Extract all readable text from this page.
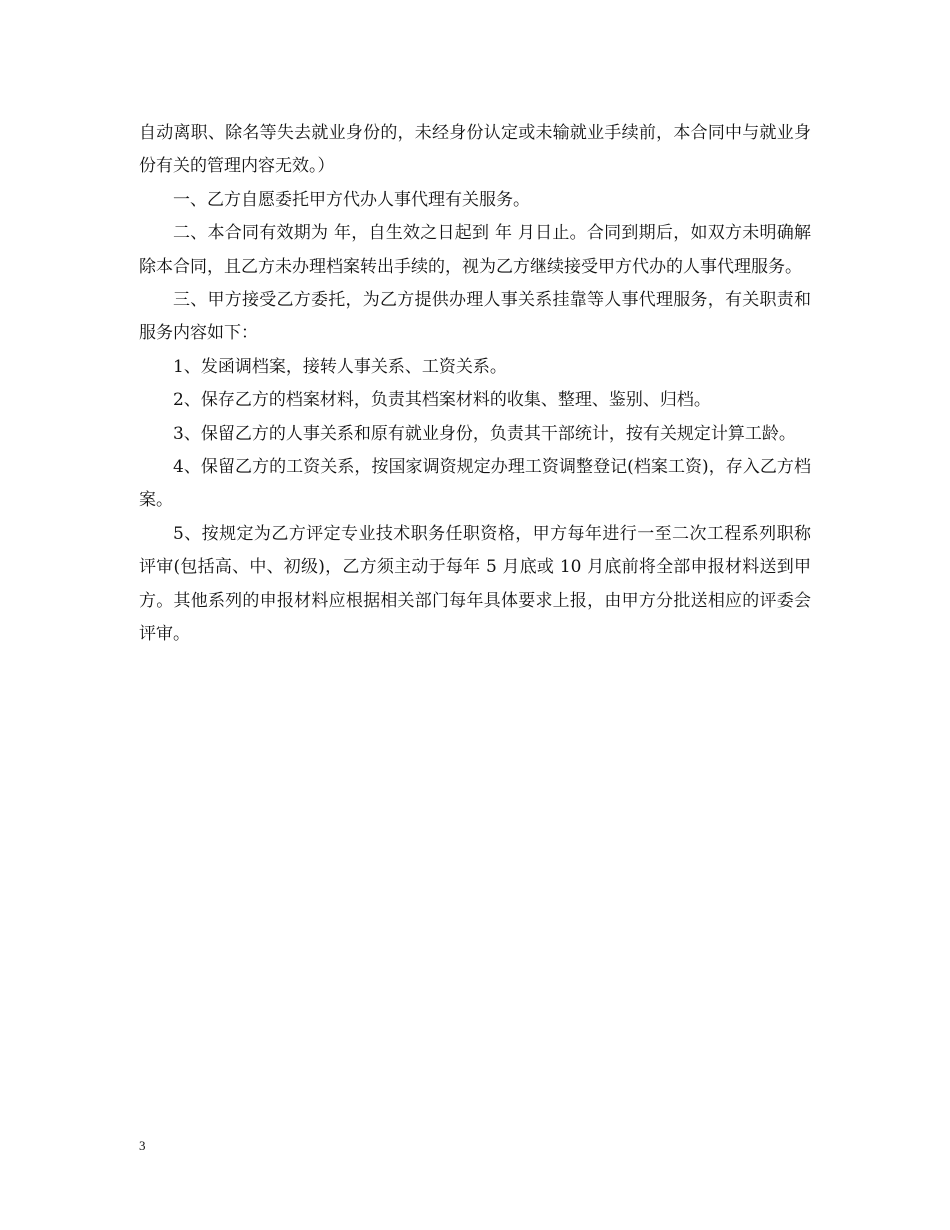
自动离职、除名等失去就业身份的，未经身份认定或未输就业手续前，本合同中与就业身份有关的管理内容无效。）

一、乙方自愿委托甲方代办人事代理有关服务。

二、本合同有效期为 年，自生效之日起到 年 月日止。合同到期后，如双方未明确解除本合同，且乙方未办理档案转出手续的，视为乙方继续接受甲方代办的人事代理服务。

三、甲方接受乙方委托，为乙方提供办理人事关系挂靠等人事代理服务，有关职责和服务内容如下：

1、发函调档案，接转人事关系、工资关系。

2、保存乙方的档案材料，负责其档案材料的收集、整理、鉴别、归档。

3、保留乙方的人事关系和原有就业身份，负责其干部统计，按有关规定计算工龄。

4、保留乙方的工资关系，按国家调资规定办理工资调整登记(档案工资)，存入乙方档案。

5、按规定为乙方评定专业技术职务任职资格，甲方每年进行一至二次工程系列职称评审(包括高、中、初级)，乙方须主动于每年 5 月底或 10 月底前将全部申报材料送到甲方。其他系列的申报材料应根据相关部门每年具体要求上报，由甲方分批送相应的评委会评审。

3
